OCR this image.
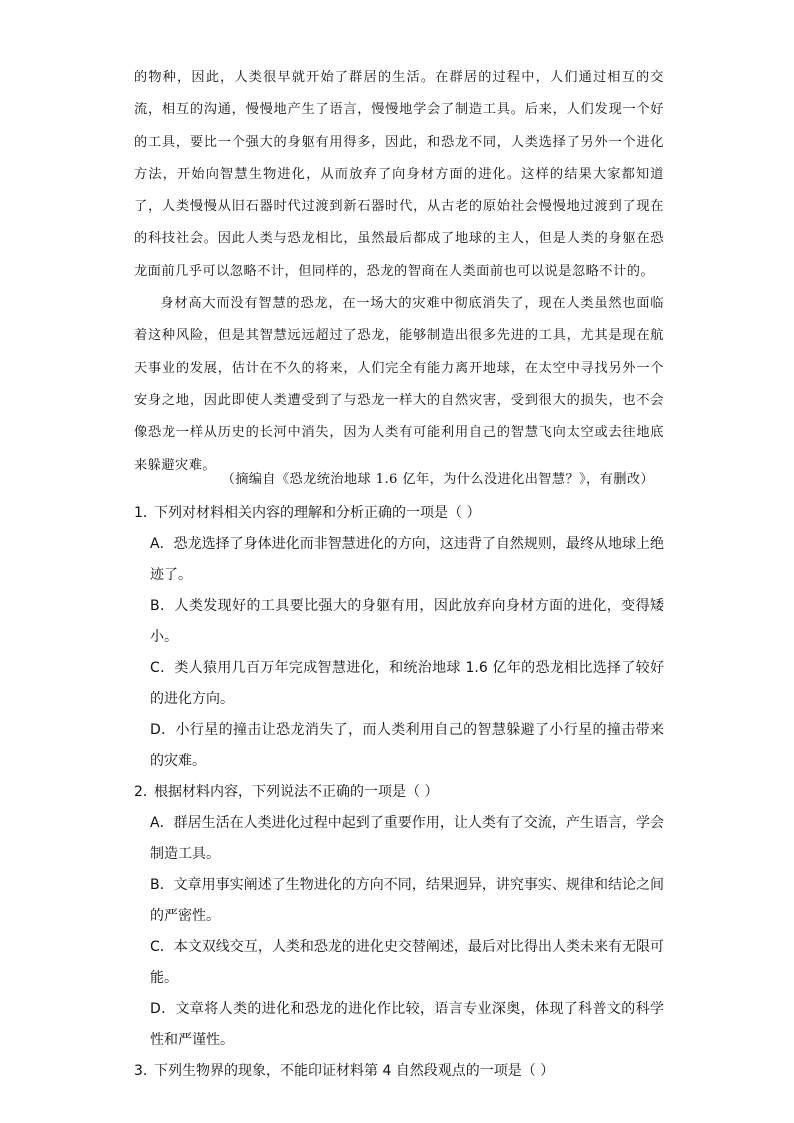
的物种，因此，人类很早就开始了群居的生活。在群居的过程中，人们通过相互的交流，相互的沟通，慢慢地产生了语言，慢慢地学会了制造工具。后来，人们发现一个好的工具，要比一个强大的身躯有用得多，因此，和恐龙不同，人类选择了另外一个进化方法，开始向智慧生物进化，从而放弃了向身材方面的进化。这样的结果大家都知道了，人类慢慢从旧石器时代过渡到新石器时代，从古老的原始社会慢慢地过渡到了现在的科技社会。因此人类与恐龙相比，虽然最后都成了地球的主人，但是人类的身躯在恐龙面前几乎可以忽略不计，但同样的，恐龙的智商在人类面前也可以说是忽略不计的。

身材高大而没有智慧的恐龙，在一场大的灾难中彻底消失了，现在人类虽然也面临着这种风险，但是其智慧远远超过了恐龙，能够制造出很多先进的工具，尤其是现在航天事业的发展，估计在不久的将来，人们完全有能力离开地球，在太空中寻找另外一个安身之地，因此即使人类遭受到了与恐龙一样大的自然灾害，受到很大的损失，也不会像恐龙一样从历史的长河中消失，因为人类有可能利用自己的智慧飞向太空或去往地底来躲避灾难。

（摘编自《恐龙统治地球 1.6 亿年，为什么没进化出智慧？》，有删改）
1．
下列对材料相关内容的理解和分析正确的一项是（ ）
A．恐龙选择了身体进化而非智慧进化的方向，这违背了自然规则，最终从地球上绝迹了。
B．人类发现好的工具要比强大的身躯有用，因此放弃向身材方面的进化，变得矮小。
C．类人猿用几百万年完成智慧进化，和统治地球 1.6 亿年的恐龙相比选择了较好的进化方向。
D．小行星的撞击让恐龙消失了，而人类利用自己的智慧躲避了小行星的撞击带来的灾难。
2．
根据材料内容，下列说法不正确的一项是（ ）
A．群居生活在人类进化过程中起到了重要作用，让人类有了交流，产生语言，学会制造工具。
B．文章用事实阐述了生物进化的方向不同，结果迥异，讲究事实、规律和结论之间的严密性。
C．本文双线交互，人类和恐龙的进化史交替阐述，最后对比得出人类未来有无限可能。
D．文章将人类的进化和恐龙的进化作比较，语言专业深奥，体现了科普文的科学性和严谨性。
3．
下列生物界的现象，不能印证材料第 4 自然段观点的一项是（ ）
